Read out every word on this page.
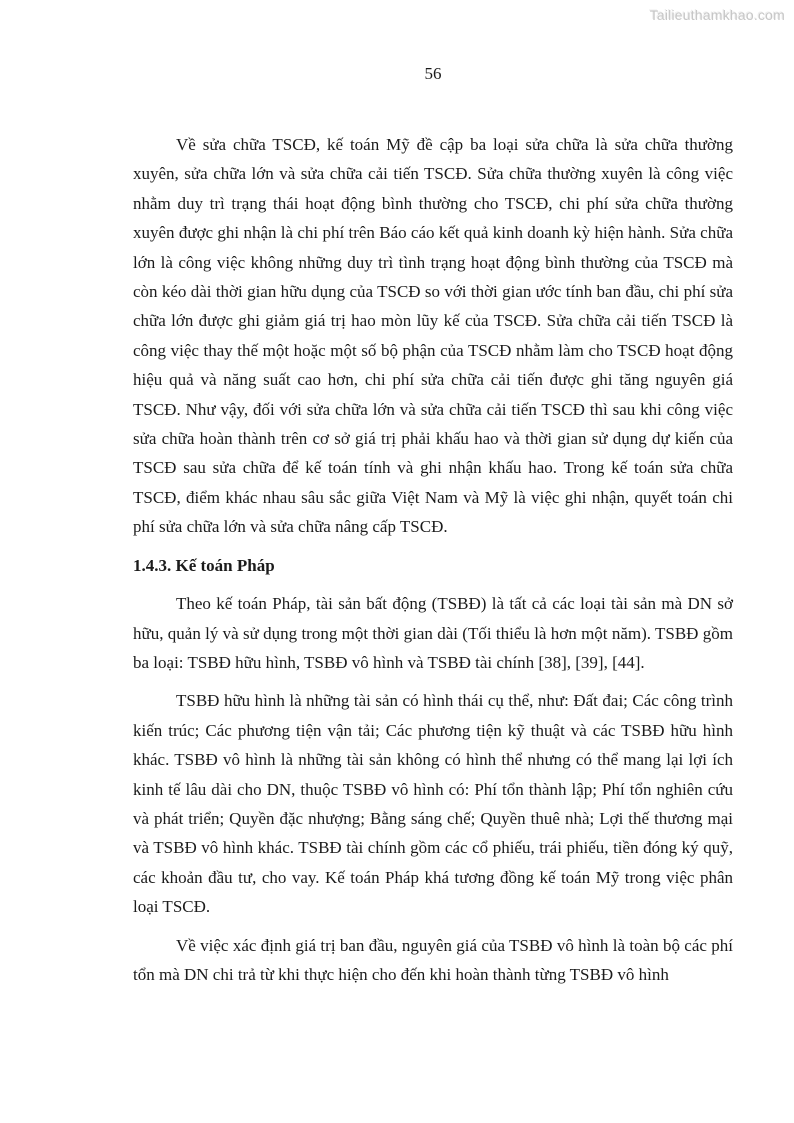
Tailieuthamkhao.com
56

Về sửa chữa TSCĐ, kế toán Mỹ đề cập ba loại sửa chữa là sửa chữa thường xuyên, sửa chữa lớn và sửa chữa cải tiến TSCĐ. Sửa chữa thường xuyên là công việc nhằm duy trì trạng thái hoạt động bình thường cho TSCĐ, chi phí sửa chữa thường xuyên được ghi nhận là chi phí trên Báo cáo kết quả kinh doanh kỳ hiện hành. Sửa chữa lớn là công việc không những duy trì tình trạng hoạt động bình thường của TSCĐ mà còn kéo dài thời gian hữu dụng của TSCĐ so với thời gian ước tính ban đầu, chi phí sửa chữa lớn được ghi giảm giá trị hao mòn lũy kế của TSCĐ. Sửa chữa cải tiến TSCĐ là công việc thay thế một hoặc một số bộ phận của TSCĐ nhằm làm cho TSCĐ hoạt động hiệu quả và năng suất cao hơn, chi phí sửa chữa cải tiến được ghi tăng nguyên giá TSCĐ. Như vậy, đối với sửa chữa lớn và sửa chữa cải tiến TSCĐ thì sau khi công việc sửa chữa hoàn thành trên cơ sở giá trị phải khấu hao và thời gian sử dụng dự kiến của TSCĐ sau sửa chữa để kế toán tính và ghi nhận khấu hao. Trong kế toán sửa chữa TSCĐ, điểm khác nhau sâu sắc giữa Việt Nam và Mỹ là việc ghi nhận, quyết toán chi phí sửa chữa lớn và sửa chữa nâng cấp TSCĐ.

1.4.3. Kế toán Pháp

Theo kế toán Pháp, tài sản bất động (TSBĐ) là tất cả các loại tài sản mà DN sở hữu, quản lý và sử dụng trong một thời gian dài (Tối thiểu là hơn một năm). TSBĐ gồm ba loại: TSBĐ hữu hình, TSBĐ vô hình và TSBĐ tài chính [38], [39], [44].

TSBĐ hữu hình là những tài sản có hình thái cụ thể, như: Đất đai; Các công trình kiến trúc; Các phương tiện vận tải; Các phương tiện kỹ thuật và các TSBĐ hữu hình khác. TSBĐ vô hình là những tài sản không có hình thể nhưng có thể mang lại lợi ích kinh tế lâu dài cho DN, thuộc TSBĐ vô hình có: Phí tổn thành lập; Phí tổn nghiên cứu và phát triển; Quyền đặc nhượng; Bằng sáng chế; Quyền thuê nhà; Lợi thế thương mại và TSBĐ vô hình khác. TSBĐ tài chính gồm các cổ phiếu, trái phiếu, tiền đóng ký quỹ, các khoản đầu tư, cho vay. Kế toán Pháp khá tương đồng kế toán Mỹ trong việc phân loại TSCĐ.

Về việc xác định giá trị ban đầu, nguyên giá của TSBĐ vô hình là toàn bộ các phí tổn mà DN chi trả từ khi thực hiện cho đến khi hoàn thành từng TSBĐ vô hình
